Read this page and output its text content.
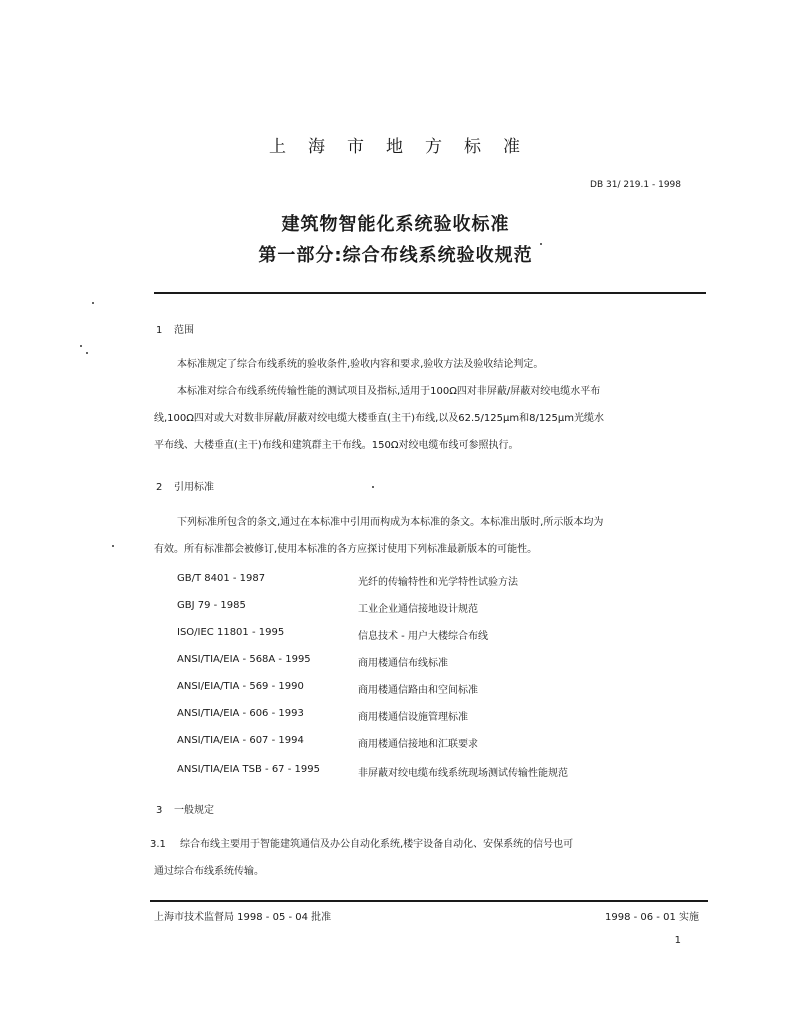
上海市地方标准
DB 31/ 219.1 - 1998
建筑物智能化系统验收标准
第一部分:综合布线系统验收规范
1 范围
本标准规定了综合布线系统的验收条件,验收内容和要求,验收方法及验收结论判定。
本标准对综合布线系统传输性能的测试项目及指标,适用于100Ω四对非屏蔽/屏蔽对绞电缆水平布
线,100Ω四对或大对数非屏蔽/屏蔽对绞电缆大楼垂直(主干)布线,以及62.5/125μm和8/125μm光缆水
平布线、大楼垂直(主干)布线和建筑群主干布线。150Ω对绞电缆布线可参照执行。
2 引用标准
下列标准所包含的条文,通过在本标准中引用而构成为本标准的条文。本标准出版时,所示版本均为
有效。所有标准都会被修订,使用本标准的各方应探讨使用下列标准最新版本的可能性。
GB/T 8401 - 1987	光纤的传输特性和光学特性试验方法
GBJ 79 - 1985	工业企业通信接地设计规范
ISO/IEC 11801 - 1995	信息技术 - 用户大楼综合布线
ANSI/TIA/EIA - 568A - 1995	商用楼通信布线标准
ANSI/EIA/TIA - 569 - 1990	商用楼通信路由和空间标准
ANSI/TIA/EIA - 606 - 1993	商用楼通信设施管理标准
ANSI/TIA/EIA - 607 - 1994	商用楼通信接地和汇联要求
ANSI/TIA/EIA TSB - 67 - 1995	非屏蔽对绞电缆布线系统现场测试传输性能规范
3 一般规定
3.1 综合布线主要用于智能建筑通信及办公自动化系统,楼宇设备自动化、安保系统的信号也可
通过综合布线系统传输。
上海市技术监督局 1998 - 05 - 04 批准	1998 - 06 - 01 实施
1
